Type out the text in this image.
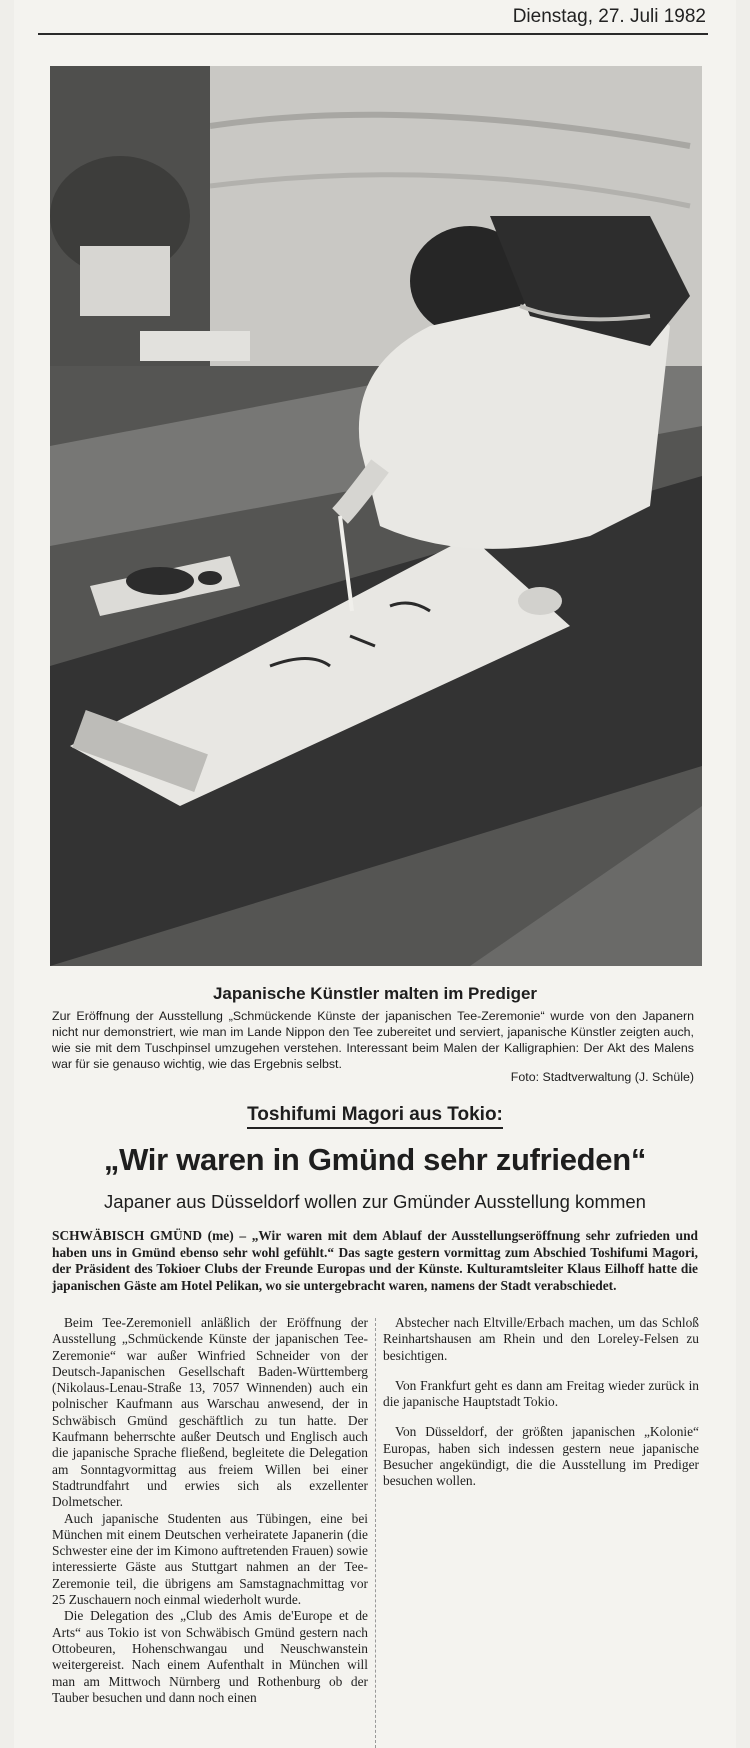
Dienstag, 27. Juli 1982
Japanische Künstler malten im Prediger
Zur Eröffnung der Ausstellung „Schmückende Künste der japanischen Tee-Zeremonie“ wurde von den Japanern nicht nur demonstriert, wie man im Lande Nippon den Tee zubereitet und serviert, japanische Künstler zeigten auch, wie sie mit dem Tuschpinsel umzugehen verstehen. Interessant beim Malen der Kalligraphien: Der Akt des Malens war für sie genauso wichtig, wie das Ergebnis selbst.
Foto: Stadtverwaltung (J. Schüle)
Toshifumi Magori aus Tokio:
„Wir waren in Gmünd sehr zufrieden“
Japaner aus Düsseldorf wollen zur Gmünder Ausstellung kommen
SCHWÄBISCH GMÜND (me) – „Wir waren mit dem Ablauf der Ausstellungseröffnung sehr zufrieden und haben uns in Gmünd ebenso sehr wohl gefühlt.“ Das sagte gestern vormittag zum Abschied Toshifumi Magori, der Präsident des Tokioer Clubs der Freunde Europas und der Künste. Kulturamtsleiter Klaus Eilhoff hatte die japanischen Gäste am Hotel Pelikan, wo sie untergebracht waren, namens der Stadt verabschiedet.

Beim Tee-Zeremoniell anläßlich der Eröffnung der Ausstellung „Schmückende Künste der japanischen Tee-Zeremonie“ war außer Winfried Schneider von der Deutsch-Japanischen Gesellschaft Baden-Württemberg (Nikolaus-Lenau-Straße 13, 7057 Winnenden) auch ein polnischer Kaufmann aus Warschau anwesend, der in Schwäbisch Gmünd geschäftlich zu tun hatte. Der Kaufmann beherrschte außer Deutsch und Englisch auch die japanische Sprache fließend, begleitete die Delegation am Sonntagvormittag aus freiem Willen bei einer Stadtrundfahrt und erwies sich als exzellenter Dolmetscher.

Auch japanische Studenten aus Tübingen, eine bei München mit einem Deutschen verheiratete Japanerin (die Schwester eine der im Kimono auftretenden Frauen) sowie interessierte Gäste aus Stuttgart nahmen an der Tee-Zeremonie teil, die übrigens am Samstagnachmittag vor 25 Zuschauern noch einmal wiederholt wurde.

Die Delegation des „Club des Amis de'Europe et de Arts“ aus Tokio ist von Schwäbisch Gmünd gestern nach Ottobeuren, Hohenschwangau und Neuschwanstein weitergereist. Nach einem Aufenthalt in München will man am Mittwoch Nürnberg und Rothenburg ob der Tauber besuchen und dann noch einen

Abstecher nach Eltville/Erbach machen, um das Schloß Reinhartshausen am Rhein und den Loreley-Felsen zu besichtigen.

Von Frankfurt geht es dann am Freitag wieder zurück in die japanische Hauptstadt Tokio.

Von Düsseldorf, der größten japanischen „Kolonie“ Europas, haben sich indessen gestern neue japanische Besucher angekündigt, die die Ausstellung im Prediger besuchen wollen.
